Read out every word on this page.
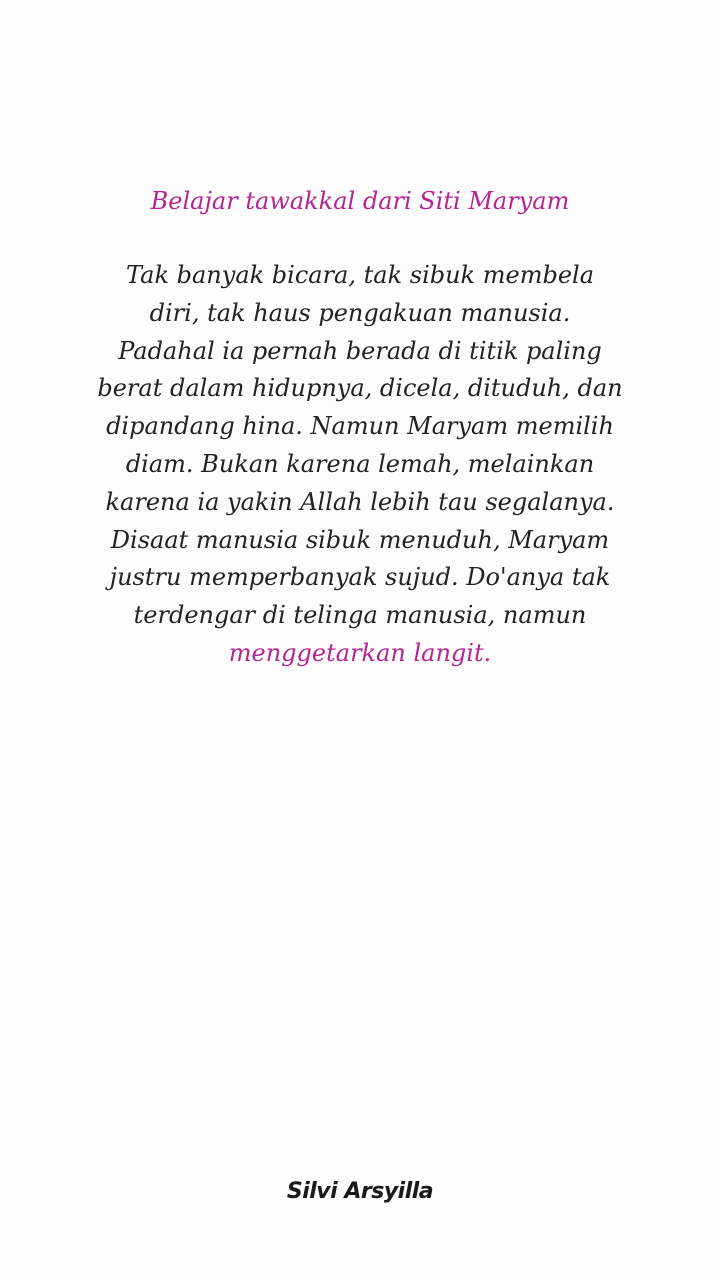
Belajar tawakkal dari Siti Maryam
Tak banyak bicara, tak sibuk membela
diri, tak haus pengakuan manusia.
Padahal ia pernah berada di titik paling
berat dalam hidupnya, dicela, dituduh, dan
dipandang hina. Namun Maryam memilih
diam. Bukan karena lemah, melainkan
karena ia yakin Allah lebih tau segalanya.
Disaat manusia sibuk menuduh, Maryam
justru memperbanyak sujud. Do'anya tak
terdengar di telinga manusia, namun
menggetarkan langit.
Silvi Arsyilla
